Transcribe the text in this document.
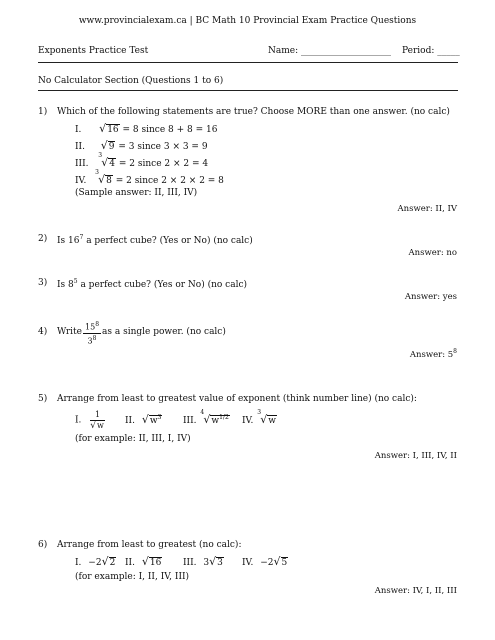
www.provincialexam.ca | BC Math 10 Provincial Exam Practice Questions
Exponents Practice Test	Name: ____________________ Period: _____
No Calculator Section (Questions 1 to 6)
1) Which of the following statements are true? Choose MORE than one answer. (no calc)
I. √16 = 8 since 8 + 8 = 16
II. √9 = 3 since 3 × 3 = 9
III.
3
√4 = 2 since 2 × 2 = 4
IV.
3
√8 = 2 since 2 × 2 × 2 = 8
(Sample answer: II, III, IV)
Answer: II, IV
2) Is $16^7$ a perfect cube? (Yes or No) (no calc)
Answer: no
3) Is $8^5$ a perfect cube? (Yes or No) (no calc)
Answer: yes
4) Write $\frac{15^8}{3^8}$ as a single power. (no calc)
Answer: $5^8$
5) Arrange from least to greatest value of exponent (think number line) (no calc):
I. $\frac{1}{√w}$ II. $√w^3$ III.
4
$√w^{1/2}$ IV.
3
√w
(for example: II, III, I, IV)
Answer: I, III, IV, II
6) Arrange from least to greatest (no calc):
I. −2√2 II. √16 III. 3√3 IV. −2√5
(for example: I, II, IV, III)
Answer: IV, I, II, III
